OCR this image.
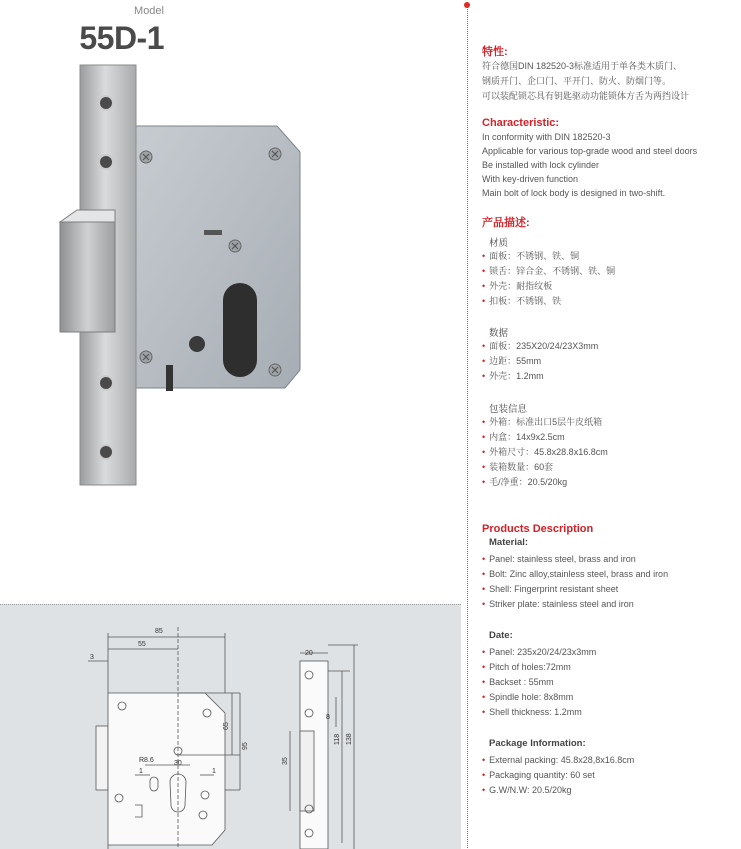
Model
55D-1
85
55
3
65
95
R8.6	30
1	1
20
8
35
118 138
特性:
符合德国DIN 182520-3标准适用于单各类木质门、
钢质开门、企口门、平开门、防火、防烟门等。
可以装配锁芯具有钥匙驱动功能锁体方舌为两挡设计
Characteristic:
In conformity with DIN 182520-3
Applicable for various top-grade wood and steel doors
Be installed with lock cylinder
With key-driven function
Main bolt of lock body is designed in two-shift.
产品描述:
材质
• 面板：不锈钢、铁、铜
• 锁舌：锌合金、不锈钢、铁、铜
• 外壳：耐指纹板
• 扣板：不锈钢、铁
数据
• 面板：235X20/24/23X3mm
• 边距：55mm
• 外壳：1.2mm
包装信息
• 外箱：标准出口5层牛皮纸箱
• 内盒：14x9x2.5cm
• 外箱尺寸：45.8x28.8x16.8cm
• 装箱数量：60套
• 毛/净重：20.5/20kg
Products Description
Material:
• Panel: stainless steel, brass and iron
• Bolt: Zinc alloy,stainless steel, brass and iron
• Shell: Fingerprint resistant sheet
• Striker plate: stainless steel and iron
Date:
• Panel: 235x20/24/23x3mm
• Pitch of holes:72mm
• Backset : 55mm
• Spindle hole: 8x8mm
• Shell thickness: 1.2mm
Package Information:
• External packing: 45.8x28,8x16.8cm
• Packaging quantity: 60 set
• G.W/N.W: 20.5/20kg
